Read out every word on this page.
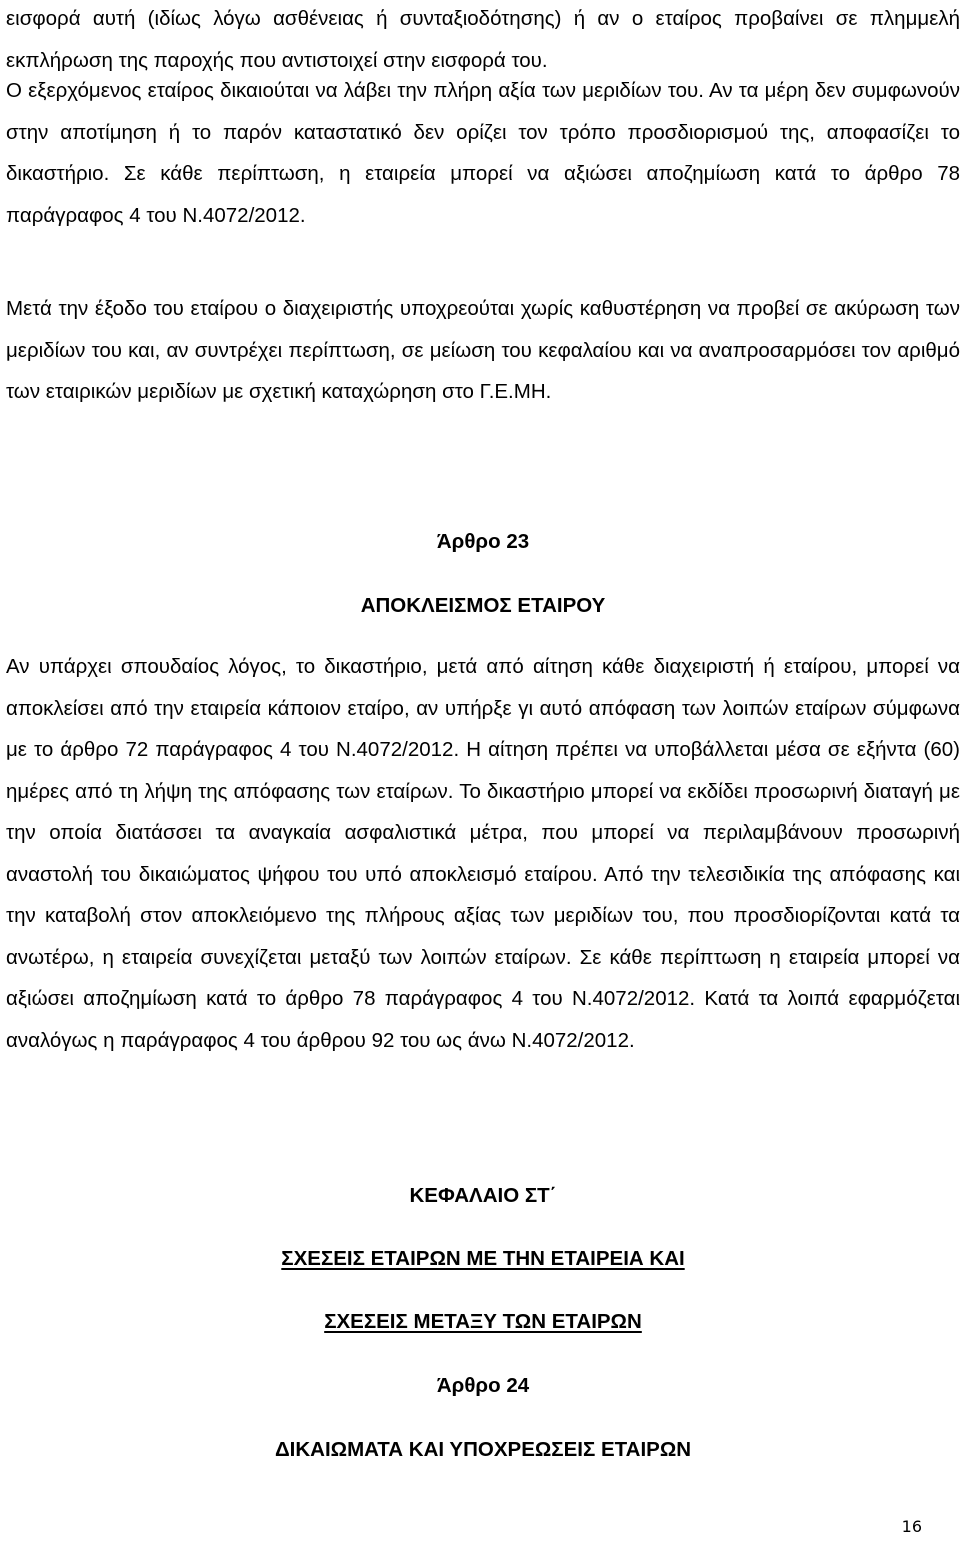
εισφορά αυτή (ιδίως λόγω ασθένειας ή συνταξιοδότησης) ή αν ο εταίρος προβαίνει σε πλημμελή εκπλήρωση της παροχής που αντιστοιχεί στην εισφορά του.

Ο εξερχόμενος εταίρος δικαιούται να λάβει την πλήρη αξία των μεριδίων του. Αν τα μέρη δεν συμφωνούν στην αποτίμηση ή το παρόν καταστατικό δεν ορίζει τον τρόπο προσδιορισμού της, αποφασίζει το δικαστήριο. Σε κάθε περίπτωση, η εταιρεία μπορεί να αξιώσει αποζημίωση κατά το άρθρο 78 παράγραφος 4 του Ν.4072/2012.

Μετά την έξοδο του εταίρου ο διαχειριστής υποχρεούται χωρίς καθυστέρηση να προβεί σε ακύρωση των μεριδίων του και, αν συντρέχει περίπτωση, σε μείωση του κεφαλαίου και να αναπροσαρμόσει τον αριθμό των εταιρικών μεριδίων με σχετική καταχώρηση στο Γ.Ε.ΜΗ.

Άρθρο 23
ΑΠΟΚΛΕΙΣΜΟΣ ΕΤΑΙΡΟΥ

Αν υπάρχει σπουδαίος λόγος, το δικαστήριο, μετά από αίτηση κάθε διαχειριστή ή εταίρου, μπορεί να αποκλείσει από την εταιρεία κάποιον εταίρο, αν υπήρξε γι αυτό απόφαση των λοιπών εταίρων σύμφωνα με το άρθρο 72 παράγραφος 4 του Ν.4072/2012. Η αίτηση πρέπει να υποβάλλεται μέσα σε εξήντα (60) ημέρες από τη λήψη της απόφασης των εταίρων. Το δικαστήριο μπορεί να εκδίδει προσωρινή διαταγή με την οποία διατάσσει τα αναγκαία ασφαλιστικά μέτρα, που μπορεί να περιλαμβάνουν προσωρινή αναστολή του δικαιώματος ψήφου του υπό αποκλεισμό εταίρου. Από την τελεσιδικία της απόφασης και την καταβολή στον αποκλειόμενο της πλήρους αξίας των μεριδίων του, που προσδιορίζονται κατά τα ανωτέρω, η εταιρεία συνεχίζεται μεταξύ των λοιπών εταίρων. Σε κάθε περίπτωση η εταιρεία μπορεί να αξιώσει αποζημίωση κατά το άρθρο 78 παράγραφος 4 του Ν.4072/2012. Κατά τα λοιπά εφαρμόζεται αναλόγως η παράγραφος 4 του άρθρου 92 του ως άνω Ν.4072/2012.

ΚΕΦΑΛΑΙΟ ΣΤ΄
ΣΧΕΣΕΙΣ ΕΤΑΙΡΩΝ ΜΕ ΤΗΝ ΕΤΑΙΡΕΙΑ ΚΑΙ
ΣΧΕΣΕΙΣ ΜΕΤΑΞΥ ΤΩΝ ΕΤΑΙΡΩΝ
Άρθρο 24
ΔΙΚΑΙΩΜΑΤΑ ΚΑΙ ΥΠΟΧΡΕΩΣΕΙΣ ΕΤΑΙΡΩΝ
16
